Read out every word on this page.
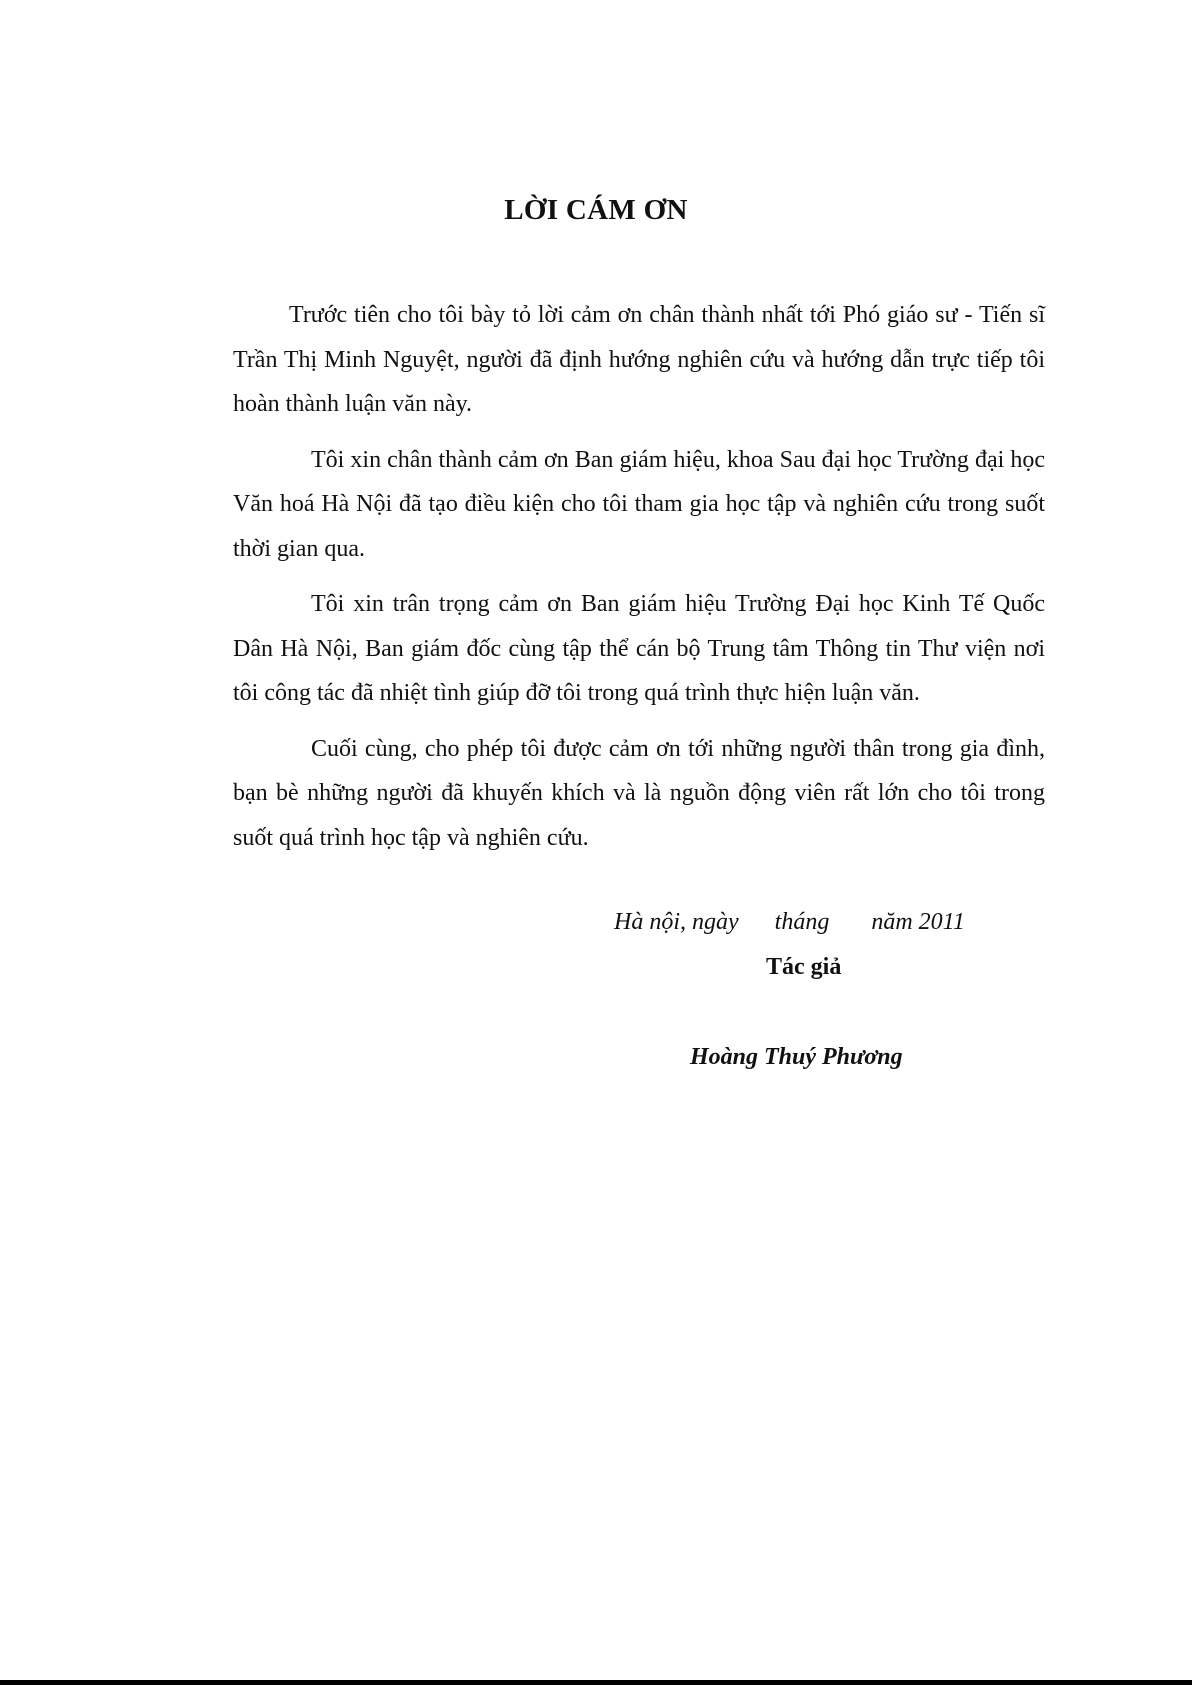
LỜI CÁM ƠN

Trước tiên cho tôi bày tỏ lời cảm ơn chân thành nhất tới Phó giáo sư - Tiến sĩ Trần Thị Minh Nguyệt, người đã định hướng nghiên cứu và hướng dẫn trực tiếp tôi hoàn thành luận văn này.

Tôi xin chân thành cảm ơn Ban giám hiệu, khoa Sau đại học Trường đại học Văn hoá Hà Nội đã tạo điều kiện cho tôi tham gia học tập và nghiên cứu trong suốt thời gian qua.

Tôi xin trân trọng cảm ơn Ban giám hiệu Trường Đại học Kinh Tế Quốc Dân Hà Nội, Ban giám đốc cùng tập thể cán bộ Trung tâm Thông tin Thư viện nơi tôi công tác đã nhiệt tình giúp đỡ tôi trong quá trình thực hiện luận văn.

Cuối cùng, cho phép tôi được cảm ơn tới những người thân trong gia đình, bạn bè những người đã khuyến khích và là nguồn động viên rất lớn cho tôi trong suốt quá trình học tập và nghiên cứu.

Hà nội, ngày      tháng       năm 2011
Tác giả
Hoàng Thuý Phương
